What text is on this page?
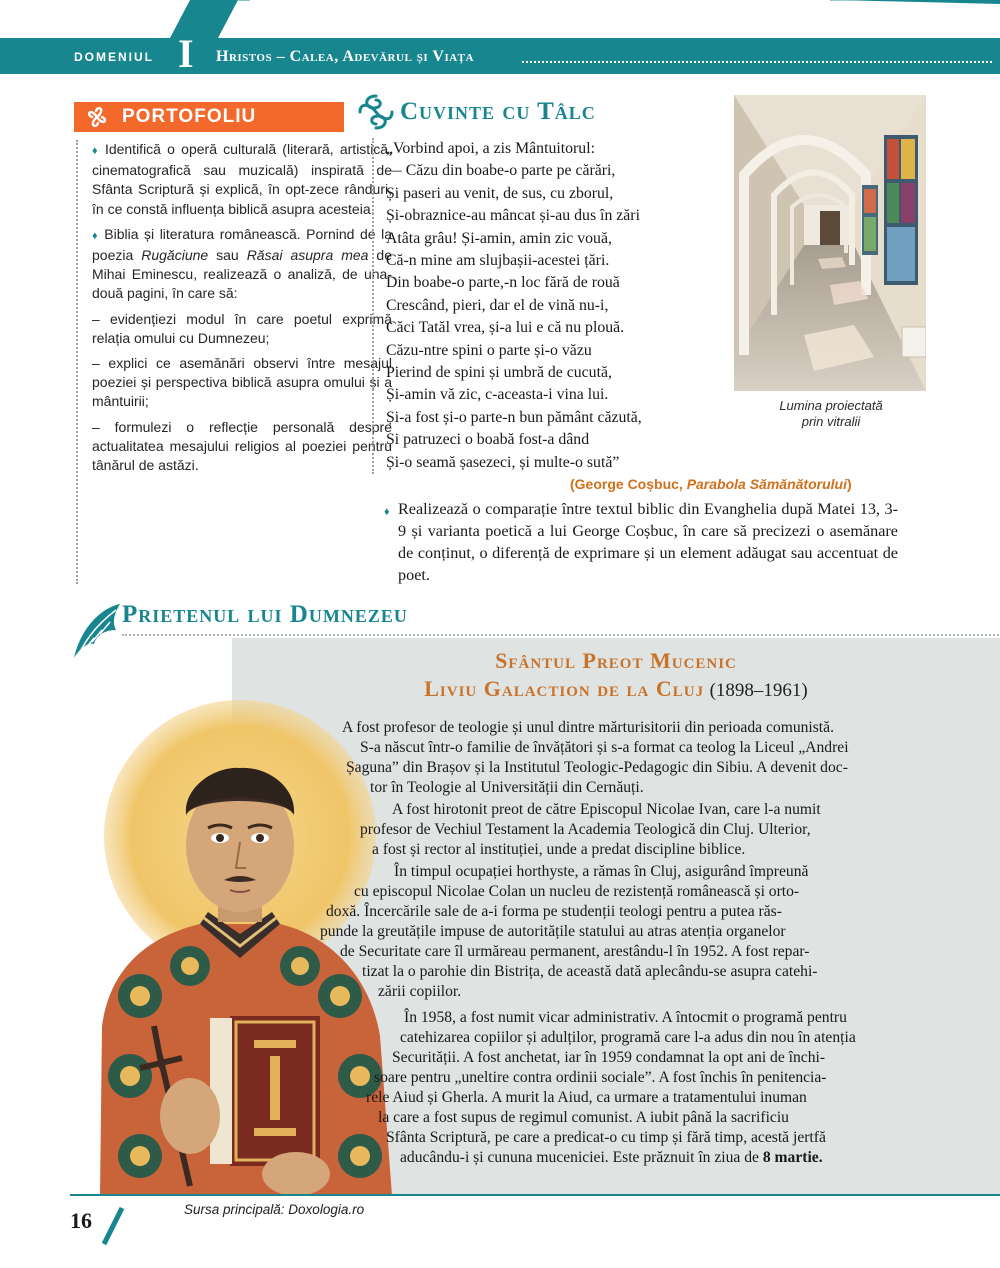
DOMENIUL I Hristos – Calea, Adevărul și Viața
PORTOFOLIU

♦ Identifică o operă culturală (literară, artistică, cinematografică sau muzicală) inspirată de Sfânta Scriptură și explică, în opt-zece rânduri, în ce constă influența biblică asupra acesteia.

♦ Biblia și literatura românească. Pornind de la poezia Rugăciune sau Răsai asupra mea de Mihai Eminescu, realizează o analiză, de una-două pagini, în care să:

– evidențiezi modul în care poetul exprimă relația omului cu Dumnezeu;

– explici ce asemănări observi între mesajul poeziei și perspectiva biblică asupra omului și a mântuirii;

– formulezi o reflecție personală despre actualitatea mesajului religios al poeziei pentru tânărul de astăzi.

Cuvinte cu Tâlc
„Vorbind apoi, a zis Mântuitorul:
— Căzu din boabe-o parte pe cărări,
Și paseri au venit, de sus, cu zborul,
Și-obraznice-au mâncat și-au dus în zări
Atâta grâu! Și-amin, amin zic vouă,
Că-n mine am slujbașii-acestei țări.
Din boabe-o parte,-n loc fără de rouă
Crescând, pieri, dar el de vină nu-i,
Căci Tatăl vrea, și-a lui e că nu plouă.
Căzu-ntre spini o parte și-o văzu
Pierind de spini și umbră de cucută,
Și-amin vă zic, c-aceasta-i vina lui.
Și-a fost și-o parte-n bun pământ căzută,
Și patruzeci o boabă fost-a dând
Și-o seamă șasezeci, și multe-o sută”
(George Coșbuc, Parabola Sămănătorului)
Lumina proiectată
prin vitralii
♦ Realizează o comparație între textul biblic din Evanghelia după Matei 13, 3-9 și varianta poetică a lui George Coșbuc, în care să precizezi o asemănare de conținut, o diferență de exprimare și un element adăugat sau accentuat de poet.
Prietenul lui Dumnezeu
Sfântul Preot Mucenic
Liviu Galaction de la Cluj (1898–1961)
A fost profesor de teologie și unul dintre mărturisitorii din perioada comunistă.
S-a născut într-o familie de învățători și s-a format ca teolog la Liceul „Andrei
Șaguna” din Brașov și la Institutul Teologic-Pedagogic din Sibiu. A devenit doc-
tor în Teologie al Universității din Cernăuți.
A fost hirotonit preot de către Episcopul Nicolae Ivan, care l-a numit
profesor de Vechiul Testament la Academia Teologică din Cluj. Ulterior,
a fost și rector al instituției, unde a predat discipline biblice.
În timpul ocupației horthyste, a rămas în Cluj, asigurând împreună
cu episcopul Nicolae Colan un nucleu de rezistență românească și orto-
doxă. Încercările sale de a-i forma pe studenții teologi pentru a putea răs-
punde la greutățile impuse de autoritățile statului au atras atenția organelor
de Securitate care îl urmăreau permanent, arestându-l în 1952. A fost repar-
tizat la o parohie din Bistrița, de această dată aplecându-se asupra catehi-
zării copiilor.
În 1958, a fost numit vicar administrativ. A întocmit o programă pentru
catehizarea copiilor și adulților, programă care l-a adus din nou în atenția
Securității. A fost anchetat, iar în 1959 condamnat la opt ani de închi-
soare pentru „uneltire contra ordinii sociale”. A fost închis în penitencia-
rele Aiud și Gherla. A murit la Aiud, ca urmare a tratamentului inuman
la care a fost supus de regimul comunist. A iubit până la sacrificiu
Sfânta Scriptură, pe care a predicat-o cu timp și fără timp, acestă jertfă
aducându-i și cununa muceniciei. Este prăznuit în ziua de 8 martie.
16	Sursa principală: Doxologia.ro
